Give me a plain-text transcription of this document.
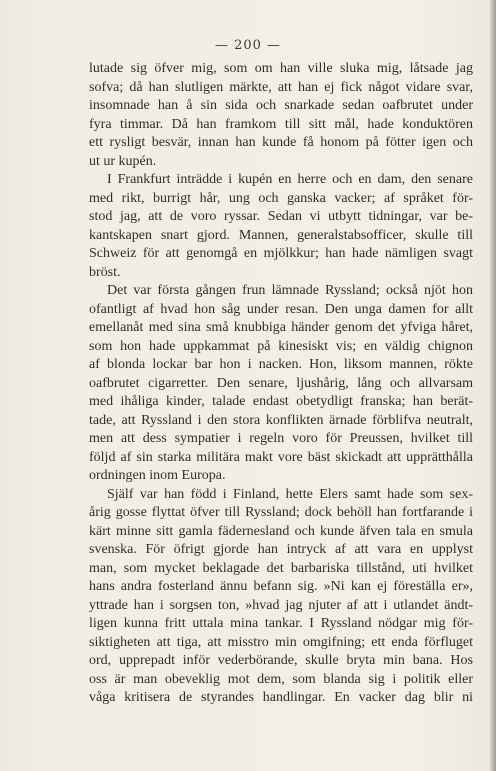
— 200 —
lutade sig öfver mig, som om han ville sluka mig, låtsade jag
sofva; då han slutligen märkte, att han ej fick något vidare svar,
insomnade han å sin sida och snarkade sedan oafbrutet under
fyra timmar. Då han framkom till sitt mål, hade konduktören
ett rysligt besvär, innan han kunde få honom på fötter igen och
ut ur kupén.
I Frankfurt inträdde i kupén en herre och en dam, den senare
med rikt, burrigt hår, ung och ganska vacker; af språket för-
stod jag, att de voro ryssar. Sedan vi utbytt tidningar, var be-
kantskapen snart gjord. Mannen, generalstabsofficer, skulle till
Schweiz för att genomgå en mjölkkur; han hade nämligen svagt
bröst.
Det var första gången frun lämnade Ryssland; också njöt hon
ofantligt af hvad hon såg under resan. Den unga damen for allt
emellanåt med sina små knubbiga händer genom det yfviga håret,
som hon hade uppkammat på kinesiskt vis; en väldig chignon
af blonda lockar bar hon i nacken. Hon, liksom mannen, rökte
oafbrutet cigarretter. Den senare, ljushårig, lång och allvarsam
med ihåliga kinder, talade endast obetydligt franska; han berät-
tade, att Ryssland i den stora konflikten ärnade förblifva neutralt,
men att dess sympatier i regeln voro för Preussen, hvilket till
följd af sin starka militära makt vore bäst skickadt att upprätthålla
ordningen inom Europa.
Själf var han född i Finland, hette Elers samt hade som sex-
årig gosse flyttat öfver till Ryssland; dock behöll han fortfarande i
kärt minne sitt gamla fädernesland och kunde äfven tala en smula
svenska. För öfrigt gjorde han intryck af att vara en upplyst
man, som mycket beklagade det barbariska tillstånd, uti hvilket
hans andra fosterland ännu befann sig. »Ni kan ej föreställa er»,
yttrade han i sorgsen ton, »hvad jag njuter af att i utlandet ändt-
ligen kunna fritt uttala mina tankar. I Ryssland nödgar mig för-
siktigheten att tiga, att misstro min omgifning; ett enda förfluget
ord, upprepadt inför vederbörande, skulle bryta min bana. Hos
oss är man obeveklig mot dem, som blanda sig i politik eller
våga kritisera de styrandes handlingar. En vacker dag blir ni
